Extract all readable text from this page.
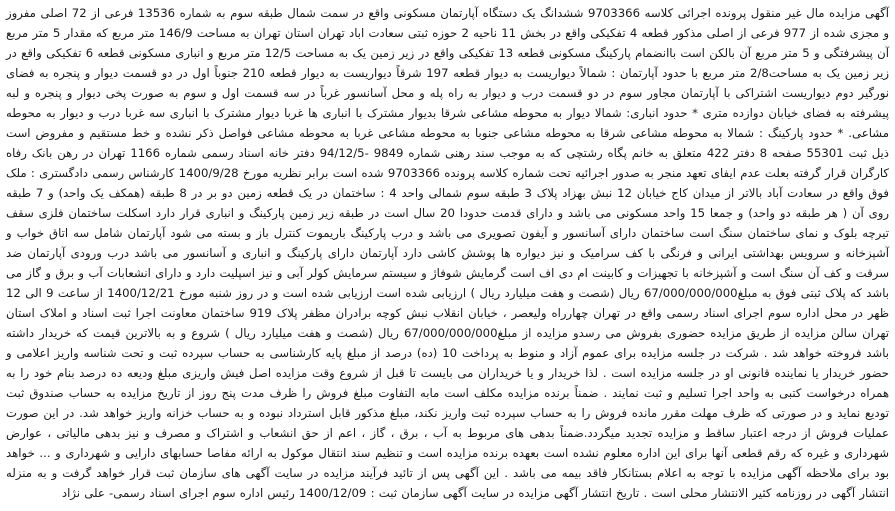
آگهی مزایده مال غیر منقول پرونده اجرائی کلاسه 9703366 ششدانگ یک دستگاه آپارتمان مسکونی واقع در سمت شمال طبقه سوم به شماره 13536 فرعی از 72 اصلی مفروز و مجزی شده از 977 فرعی از اصلی مذکور قطعه 4 تفکیکی واقع در بخش 11 ناحیه 2 حوزه ثبتی سعادت اباد تهران استان تهران به مساحت 146/9 متر مربع که مقدار 5 متر مربع آن پیشرفتگی و 5 متر مربع آن بالکن است باانضمام پارکینگ مسکونی قطعه 13 تفکیکی واقع در زیر زمین یک به مساحت 12/5 متر مربع و انباری مسکونی قطعه 6 تفکیکی واقع در زیر زمین یک به مساحت2/8 متر مربع با حدود آپارتمان : شمالاً دیواریست به دیوار قطعه 197 شرقاً دیواریست به دیوار قطعه 210 جنوباً اول در دو قسمت دیوار و پنجره به فضای نورگیر دوم دیواریست اشتراکی با آپارتمان مجاور سوم در دو قسمت درب و دیوار به راه پله و محل آسانسور غرباً در سه قسمت اول و سوم به صورت پخی دیوار و پنجره و لبه پیشرفته به فضای خیابان دوازده متری * حدود انباری: شمالا دیوار به محوطه مشاعی شرقا بدیوار مشترک با انباری ها غربا دیوار مشترک با انباری سه غربا درب و دیوار به محوطه مشاعی. * حدود پارکینگ : شمالا به محوطه مشاعی شرقا به محوطه مشاعی جنوبا به محوطه مشاعی غربا به محوطه مشاعی فواصل ذکر نشده و خط مستقیم و مفروض است ذیل ثبت 55301 صفحه 8 دفتر 422 متعلق به خانم پگاه رشتچی که به موجب سند رهنی شماره 9849 -94/12/5 دفتر خانه اسناد رسمی شماره 1166 تهران در رهن بانک رفاه کارگران قرار گرفته بعلت عدم ایفای تعهد منجر به صدور اجرائیه تحت شماره کلاسه پرونده 9703366 شده است برابر نظریه مورخ 1400/9/28 کارشناس رسمی دادگستری : ملک فوق واقع در سعادت آباد بالاتر از میدان کاج خیابان 12 نبش بهزاد پلاک 3 طبقه سوم شمالی واحد 4 : ساختمان در یک قطعه زمین دو بر در 8 طبقه (همکف یک واحد) و 7 طبقه روی آن ( هر طبقه دو واحد) و جمعا 15 واحد مسکونی می باشد و دارای قدمت حدودا 20 سال است در طبقه زیر زمین پارکینگ و انباری قرار دارد اسکلت ساختمان فلزی سقف تیرچه بلوک و نمای ساختمان سنگ است ساختمان دارای آسانسور و آیفون تصویری می باشد و درب پارکینگ باریموت کنترل باز و بسته می شود آپارتمان شامل سه اتاق خواب و آشپزخانه و سرویس بهداشتی ایرانی و فرنگی با کف سرامیک و نیز دیواره ها پوشش کاشی دارد آپارتمان دارای پارکینگ و انباری و آسانسور می باشد درب ورودی آپارتمان ضد سرقت و کف آن سنگ است و آشپزخانه با تجهیزات و کابینت ام دی اف است گرمایش شوفاژ و سیستم سرمایش کولر آبی و نیز اسپلیت دارد و دارای انشعابات آب و برق و گاز می باشد که پلاک ثبتی فوق به مبلغ67/000/000/000 ریال (شصت و هفت میلیارد ریال ) ارزیابی شده است ارزیابی شده است و در روز شنبه مورخ 1400/12/21 از ساعت 9 الی 12 ظهر در محل اداره سوم اجرای اسناد رسمی واقع در تهران چهارراه ولیعصر ، خیابان انقلاب نبش کوچه برادران مظفر پلاک 919 ساختمان معاونت اجرا ثبت اسناد و املاک استان تهران سالن مزایده از طریق مزایده حضوری بفروش می رسدو مزایده از مبلغ67/000/000/000 ریال (شصت و هفت میلیارد ریال ) شروع و به بالاترین قیمت که خریدار داشته باشد فروخته خواهد شد . شرکت در جلسه مزایده برای عموم آزاد و منوط به پرداخت 10 (ده) درصد از مبلغ پایه کارشناسی به حساب سپرده ثبت و تحت شناسه واریز اعلامی و حضور خریدار یا نماینده قانونی او در جلسه مزایده است . لذا خریدار و یا خریداران می بایست تا قبل از شروع وقت مزایده اصل فیش واریزی مبلغ ودیعه ده درصد بنام خود را به همراه درخواست کتبی به واحد اجرا تسلیم و ثبت نمایند . ضمناً برنده مزایده مکلف است مابه التفاوت مبلغ فروش را ظرف مدت پنج روز از تاریخ مزایده به حساب صندوق ثبت تودیع نماید و در صورتی که ظرف مهلت مقرر مانده فروش را به حساب سپرده ثبت واریز نکند، مبلغ مذکور قابل استرداد نبوده و به حساب خزانه واریز خواهد شد. در این صورت عملیات فروش از درجه اعتبار ساقط و مزایده تجدید میگردد.ضمناً بدهی های مربوط به آب ، برق ، گاز ، اعم از حق انشعاب و اشتراک و مصرف و نیز بدهی مالیاتی ، عوارض شهرداری و غیره که رقم قطعی آنها برای این اداره معلوم نشده است بعهده برنده مزایده است و تنظیم سند انتقال موکول به ارائه مفاصا حسابهای دارایی و شهرداری و ... خواهد بود برای ملاحظه آگهی مزایده با توجه به اعلام بستانکار فاقد بیمه می باشد . این آگهی پس از تائید فرآیند مزایده در سایت آگهی های سازمان ثبت قرار خواهد گرفت و به منزله انتشار آگهی در روزنامه کثیر الانتشار محلی است . تاریخ انتشار آگهی مزایده در سایت آگهی سازمان ثبت : 1400/12/09 رئیس اداره سوم اجرای اسناد رسمی- علی نژاد
